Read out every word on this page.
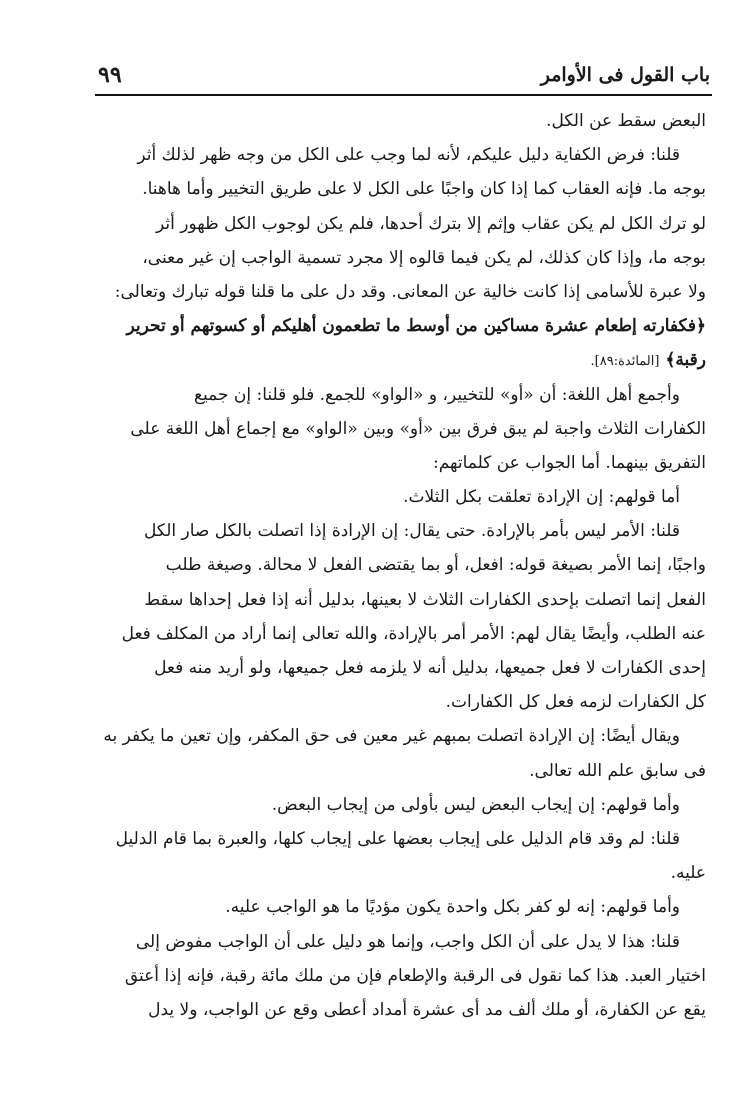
باب القول فى الأوامر
٩٩
البعض سقط عن الكل.
قلنا: فرض الكفاية دليل عليكم، لأنه لما وجب على الكل من وجه ظهر لذلك أثر
بوجه ما. فإنه العقاب كما إذا كان واجبًا على الكل لا على طريق التخيير وأما هاهنا.
لو ترك الكل لم يكن عقاب وإثم إلا بترك أحدها، فلم يكن لوجوب الكل ظهور أثر
بوجه ما، وإذا كان كذلك، لم يكن فيما قالوه إلا مجرد تسمية الواجب إن غير معنى،
ولا عبرة للأسامى إذا كانت خالية عن المعانى. وقد دل على ما قلنا قوله تبارك وتعالى:
﴿فكفارته إطعام عشرة مساكين من أوسط ما تطعمون أهليكم أو كسوتهم أو تحرير
رقبة﴾[المائدة:٨٩].
وأجمع أهل اللغة: أن «أو» للتخيير، و «الواو» للجمع. فلو قلنا: إن جميع
الكفارات الثلاث واجبة لم يبق فرق بين «أو» وبين «الواو» مع إجماع أهل اللغة على
التفريق بينهما. أما الجواب عن كلماتهم:
أما قولهم: إن الإرادة تعلقت بكل الثلاث.
قلنا: الأمر ليس بأمر بالإرادة. حتى يقال: إن الإرادة إذا اتصلت بالكل صار الكل
واجبًا، إنما الأمر بصيغة قوله: افعل، أو بما يقتضى الفعل لا محالة. وصيغة طلب
الفعل إنما اتصلت بإحدى الكفارات الثلاث لا بعينها، بدليل أنه إذا فعل إحداها سقط
عنه الطلب، وأيضًا يقال لهم: الأمر أمر بالإرادة، والله تعالى إنما أراد من المكلف فعل
إحدى الكفارات لا فعل جميعها، بدليل أنه لا يلزمه فعل جميعها، ولو أريد منه فعل
كل الكفارات لزمه فعل كل الكفارات.
ويقال أيضًا: إن الإرادة اتصلت بمبهم غير معين فى حق المكفر، وإن تعين ما يكفر به
فى سابق علم الله تعالى.
وأما قولهم: إن إيجاب البعض ليس بأولى من إيجاب البعض.
قلنا: لم وقد قام الدليل على إيجاب بعضها على إيجاب كلها، والعبرة بما قام الدليل
عليه.
وأما قولهم: إنه لو كفر بكل واحدة يكون مؤديًا ما هو الواجب عليه.
قلنا: هذا لا يدل على أن الكل واجب، وإنما هو دليل على أن الواجب مفوض إلى
اختيار العبد. هذا كما نقول فى الرقبة والإطعام فإن من ملك مائة رقبة، فإنه إذا أعتق
يقع عن الكفارة، أو ملك ألف مد أى عشرة أمداد أعطى وقع عن الواجب، ولا يدل
